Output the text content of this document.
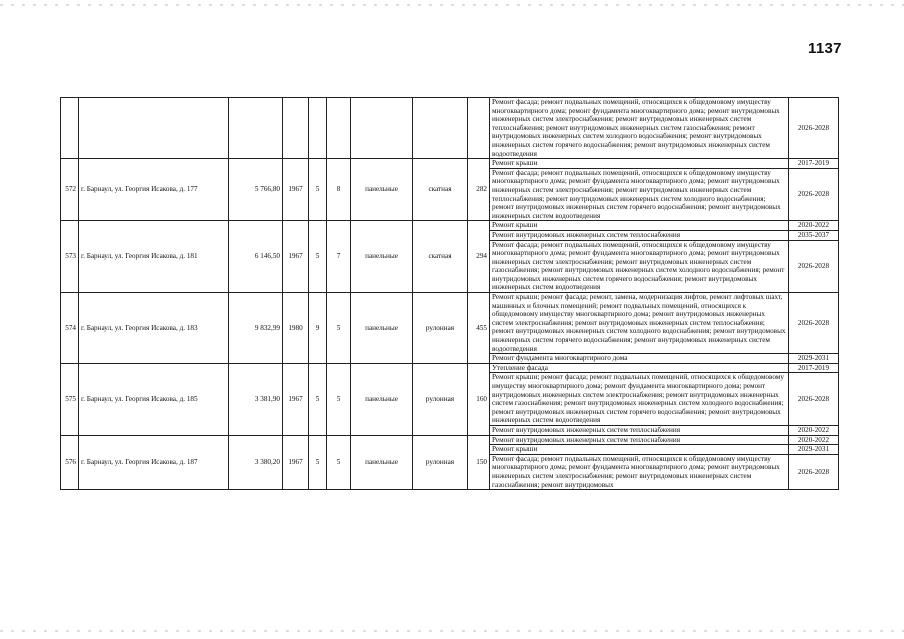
1137
									Ремонт фасада; ремонт подвальных помещений, относящихся к общедомовому имуществу многоквартирного дома; ремонт фундамента многоквартирного дома; ремонт внутридомовых инженерных систем электроснабжения; ремонт внутридомовых инженерных систем теплоснабжения; ремонт внутридомовых инженерных систем газоснабжения; ремонт внутридомовых инженерных систем холодного водоснабжения; ремонт внутридомовых инженерных систем горячего водоснабжения; ремонт внутридомовых инженерных систем водоотведения	2026-2028
572	г. Барнаул, ул. Георгия Исакова, д. 177	5 766,80	1967	5	8	панельные	скатная	282	Ремонт крыши	2017-2019
									Ремонт фасада; ремонт подвальных помещений, относящихся к общедомовому имуществу многоквартирного дома; ремонт фундамента многоквартирного дома; ремонт внутридомовых инженерных систем электроснабжения; ремонт внутридомовых инженерных систем теплоснабжения; ремонт внутридомовых инженерных систем холодного водоснабжения; ремонт внутридомовых инженерных систем горячего водоснабжения; ремонт внутридомовых инженерных систем водоотведения	2026-2028
573	г. Барнаул, ул. Георгия Исакова, д. 181	6 146,50	1967	5	7	панельные	скатная	294	Ремонт крыши	2020-2022
									Ремонт внутридомовых инженерных систем теплоснабжения	2035-2037
									Ремонт фасада; ремонт подвальных помещений, относящихся к общедомовому имуществу многоквартирного дома; ремонт фундамента многоквартирного дома; ремонт внутридомовых инженерных систем электроснабжения; ремонт внутридомовых инженерных систем газоснабжения; ремонт внутридомовых инженерных систем холодного водоснабжения; ремонт внутридомовых инженерных систем горячего водоснабжения; ремонт внутридомовых инженерных систем водоотведения	2026-2028
574	г. Барнаул, ул. Георгия Исакова, д. 183	9 832,99	1980	9	5	панельные	рулонная	455	Ремонт крыши; ремонт фасада; ремонт, замена, модернизация лифтов, ремонт лифтовых шахт, машинных и блочных помещений; ремонт подвальных помещений, относящихся к общедомовому имуществу многоквартирного дома; ремонт внутридомовых инженерных систем электроснабжения; ремонт внутридомовых инженерных систем теплоснабжения; ремонт внутридомовых инженерных систем холодного водоснабжения; ремонт внутридомовых инженерных систем горячего водоснабжения; ремонт внутридомовых инженерных систем водоотведения	2026-2028
									Ремонт фундамента многоквартирного дома	2029-2031
575	г. Барнаул, ул. Георгия Исакова, д. 185	3 381,90	1967	5	5	панельные	рулонная	160	Утепление фасада	2017-2019
									Ремонт крыши; ремонт фасада; ремонт подвальных помещений, относящихся к общедомовому имуществу многоквартирного дома; ремонт фундамента многоквартирного дома; ремонт внутридомовых инженерных систем электроснабжения; ремонт внутридомовых инженерных систем газоснабжения; ремонт внутридомовых инженерных систем холодного водоснабжения; ремонт внутридомовых инженерных систем горячего водоснабжения; ремонт внутридомовых инженерных систем водоотведения	2026-2028
									Ремонт внутридомовых инженерных систем теплоснабжения	2020-2022
576	г. Барнаул, ул. Георгия Исакова, д. 187	3 380,20	1967	5	5	панельные	рулонная	150	Ремонт внутридомовых инженерных систем теплоснабжения	2020-2022
									Ремонт крыши	2029-2031
									Ремонт фасада; ремонт подвальных помещений, относящихся к общедомовому имуществу многоквартирного дома; ремонт фундамента многоквартирного дома; ремонт внутридомовых инженерных систем электроснабжения; ремонт внутридомовых инженерных систем газоснабжения; ремонт внутридомовых	2026-2028
